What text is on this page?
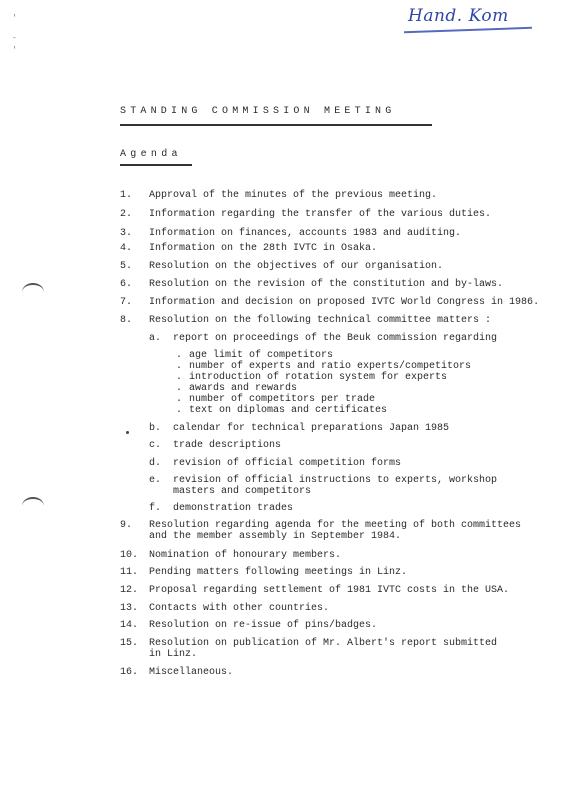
Hand. Kom
'
-
'
STANDING COMMISSION MEETING
Agenda
1. Approval of the minutes of the previous meeting.
2. Information regarding the transfer of the various duties.
3. Information on finances, accounts 1983 and auditing.
4. Information on the 28th IVTC in Osaka.
5. Resolution on the objectives of our organisation.
6. Resolution on the revision of the constitution and by-laws.
7. Information and decision on proposed IVTC World Congress in 1986.
8. Resolution on the following technical committee matters :
9. Resolution regarding agenda for the meeting of both committees
and the member assembly in September 1984.
10. Nomination of honourary members.
11. Pending matters following meetings in Linz.
12. Proposal regarding settlement of 1981 IVTC costs in the USA.
13. Contacts with other countries.
14. Resolution on re-issue of pins/badges.
15. Resolution on publication of Mr. Albert's report submitted
in Linz.
16. Miscellaneous.
a. report on proceedings of the Beuk commission regarding
b. calendar for technical preparations Japan 1985
c. trade descriptions
d. revision of official competition forms
e. revision of official instructions to experts, workshop
masters and competitors
f. demonstration trades
. age limit of competitors
. number of experts and ratio experts/competitors
. introduction of rotation system for experts
. awards and rewards
. number of competitors per trade
. text on diplomas and certificates
